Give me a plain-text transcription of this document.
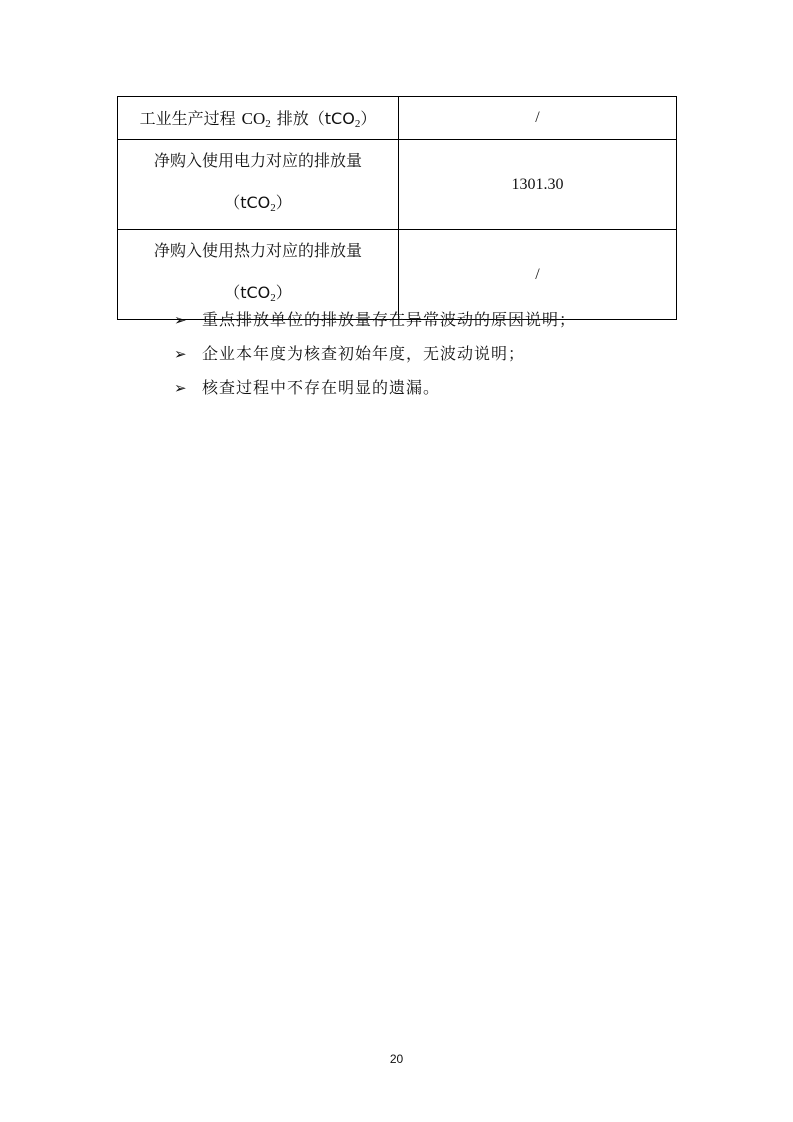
工业生产过程 $CO_2$ 排放（tCO$_2$）	/

净购入使用电力对应的排放量
（tCO$_2$）	1301.30

净购入使用热力对应的排放量
（tCO$_2$）	/
➢ 重点排放单位的排放量存在异常波动的原因说明；
➢ 企业本年度为核查初始年度，无波动说明；
➢ 核查过程中不存在明显的遗漏。
20
